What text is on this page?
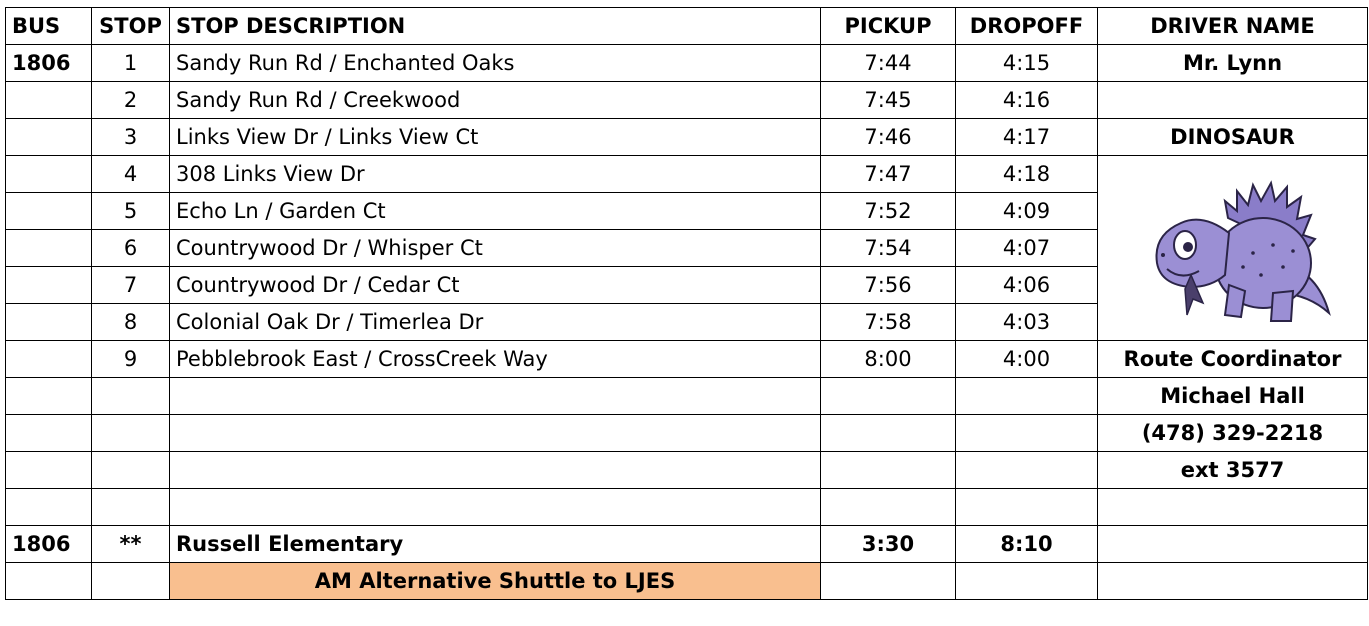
BUS	STOP	STOP DESCRIPTION	PICKUP	DROPOFF	DRIVER NAME
1806	1	Sandy Run Rd / Enchanted Oaks	7:44	4:15	Mr. Lynn
	2	Sandy Run Rd / Creekwood	7:45	4:16	
	3	Links View Dr / Links View Ct	7:46	4:17	DINOSAUR
	4	308 Links View Dr	7:47	4:18	

	5	Echo Ln / Garden Ct	7:52	4:09	
	6	Countrywood Dr / Whisper Ct	7:54	4:07	
	7	Countrywood Dr / Cedar Ct	7:56	4:06	
	8	Colonial Oak Dr / Timerlea Dr	7:58	4:03	
	9	Pebblebrook East / CrossCreek Way	8:00	4:00	Route Coordinator
					Michael Hall
					(478) 329-2218
					ext 3577

1806	**	Russell Elementary	3:30	8:10	
		AM Alternative Shuttle to LJES			
